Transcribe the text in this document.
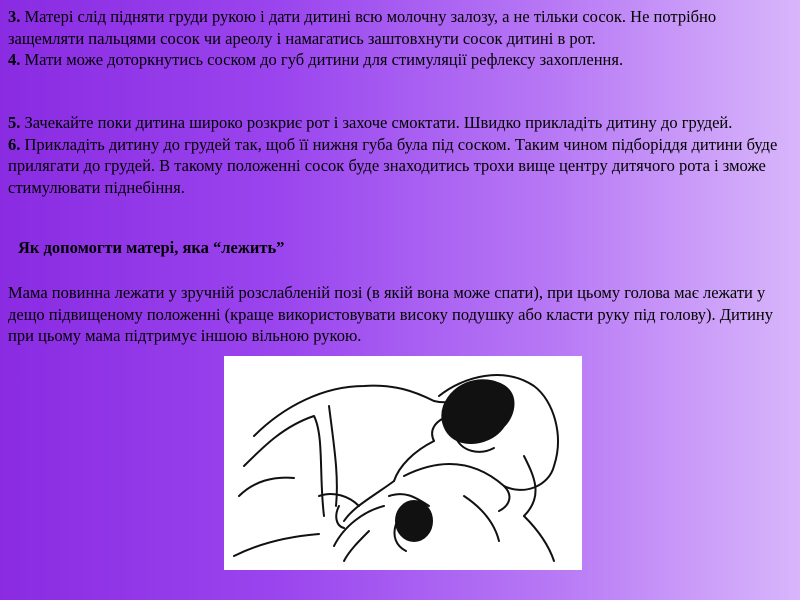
3. Матері слід підняти груди рукою і дати дитині всю молочну залозу, а не тільки сосок. Не потрібно защемляти пальцями сосок чи ареолу і намагатись заштовхнути сосок дитині в рот.
4. Мати може доторкнутись соском до губ дитини для стимуляції рефлексу захоплення.
5. Зачекайте поки дитина широко розкриє рот і захоче смоктати. Швидко прикладіть дитину до грудей.
6. Прикладіть дитину до грудей так, щоб її нижня губа була під соском. Таким чином підборіддя дитини буде прилягати до грудей. В такому положенні сосок буде знаходитись трохи вище центру дитячого рота і зможе стимулювати піднебіння.
Як допомогти матері, яка “лежить”
Мама повинна лежати у зручній розслабленій позі (в якій вона може спати), при цьому голова має лежати у дещо підвищеному положенні (краще використовувати високу подушку або класти руку під голову). Дитину при цьому мама підтримує іншою вільною рукою.
